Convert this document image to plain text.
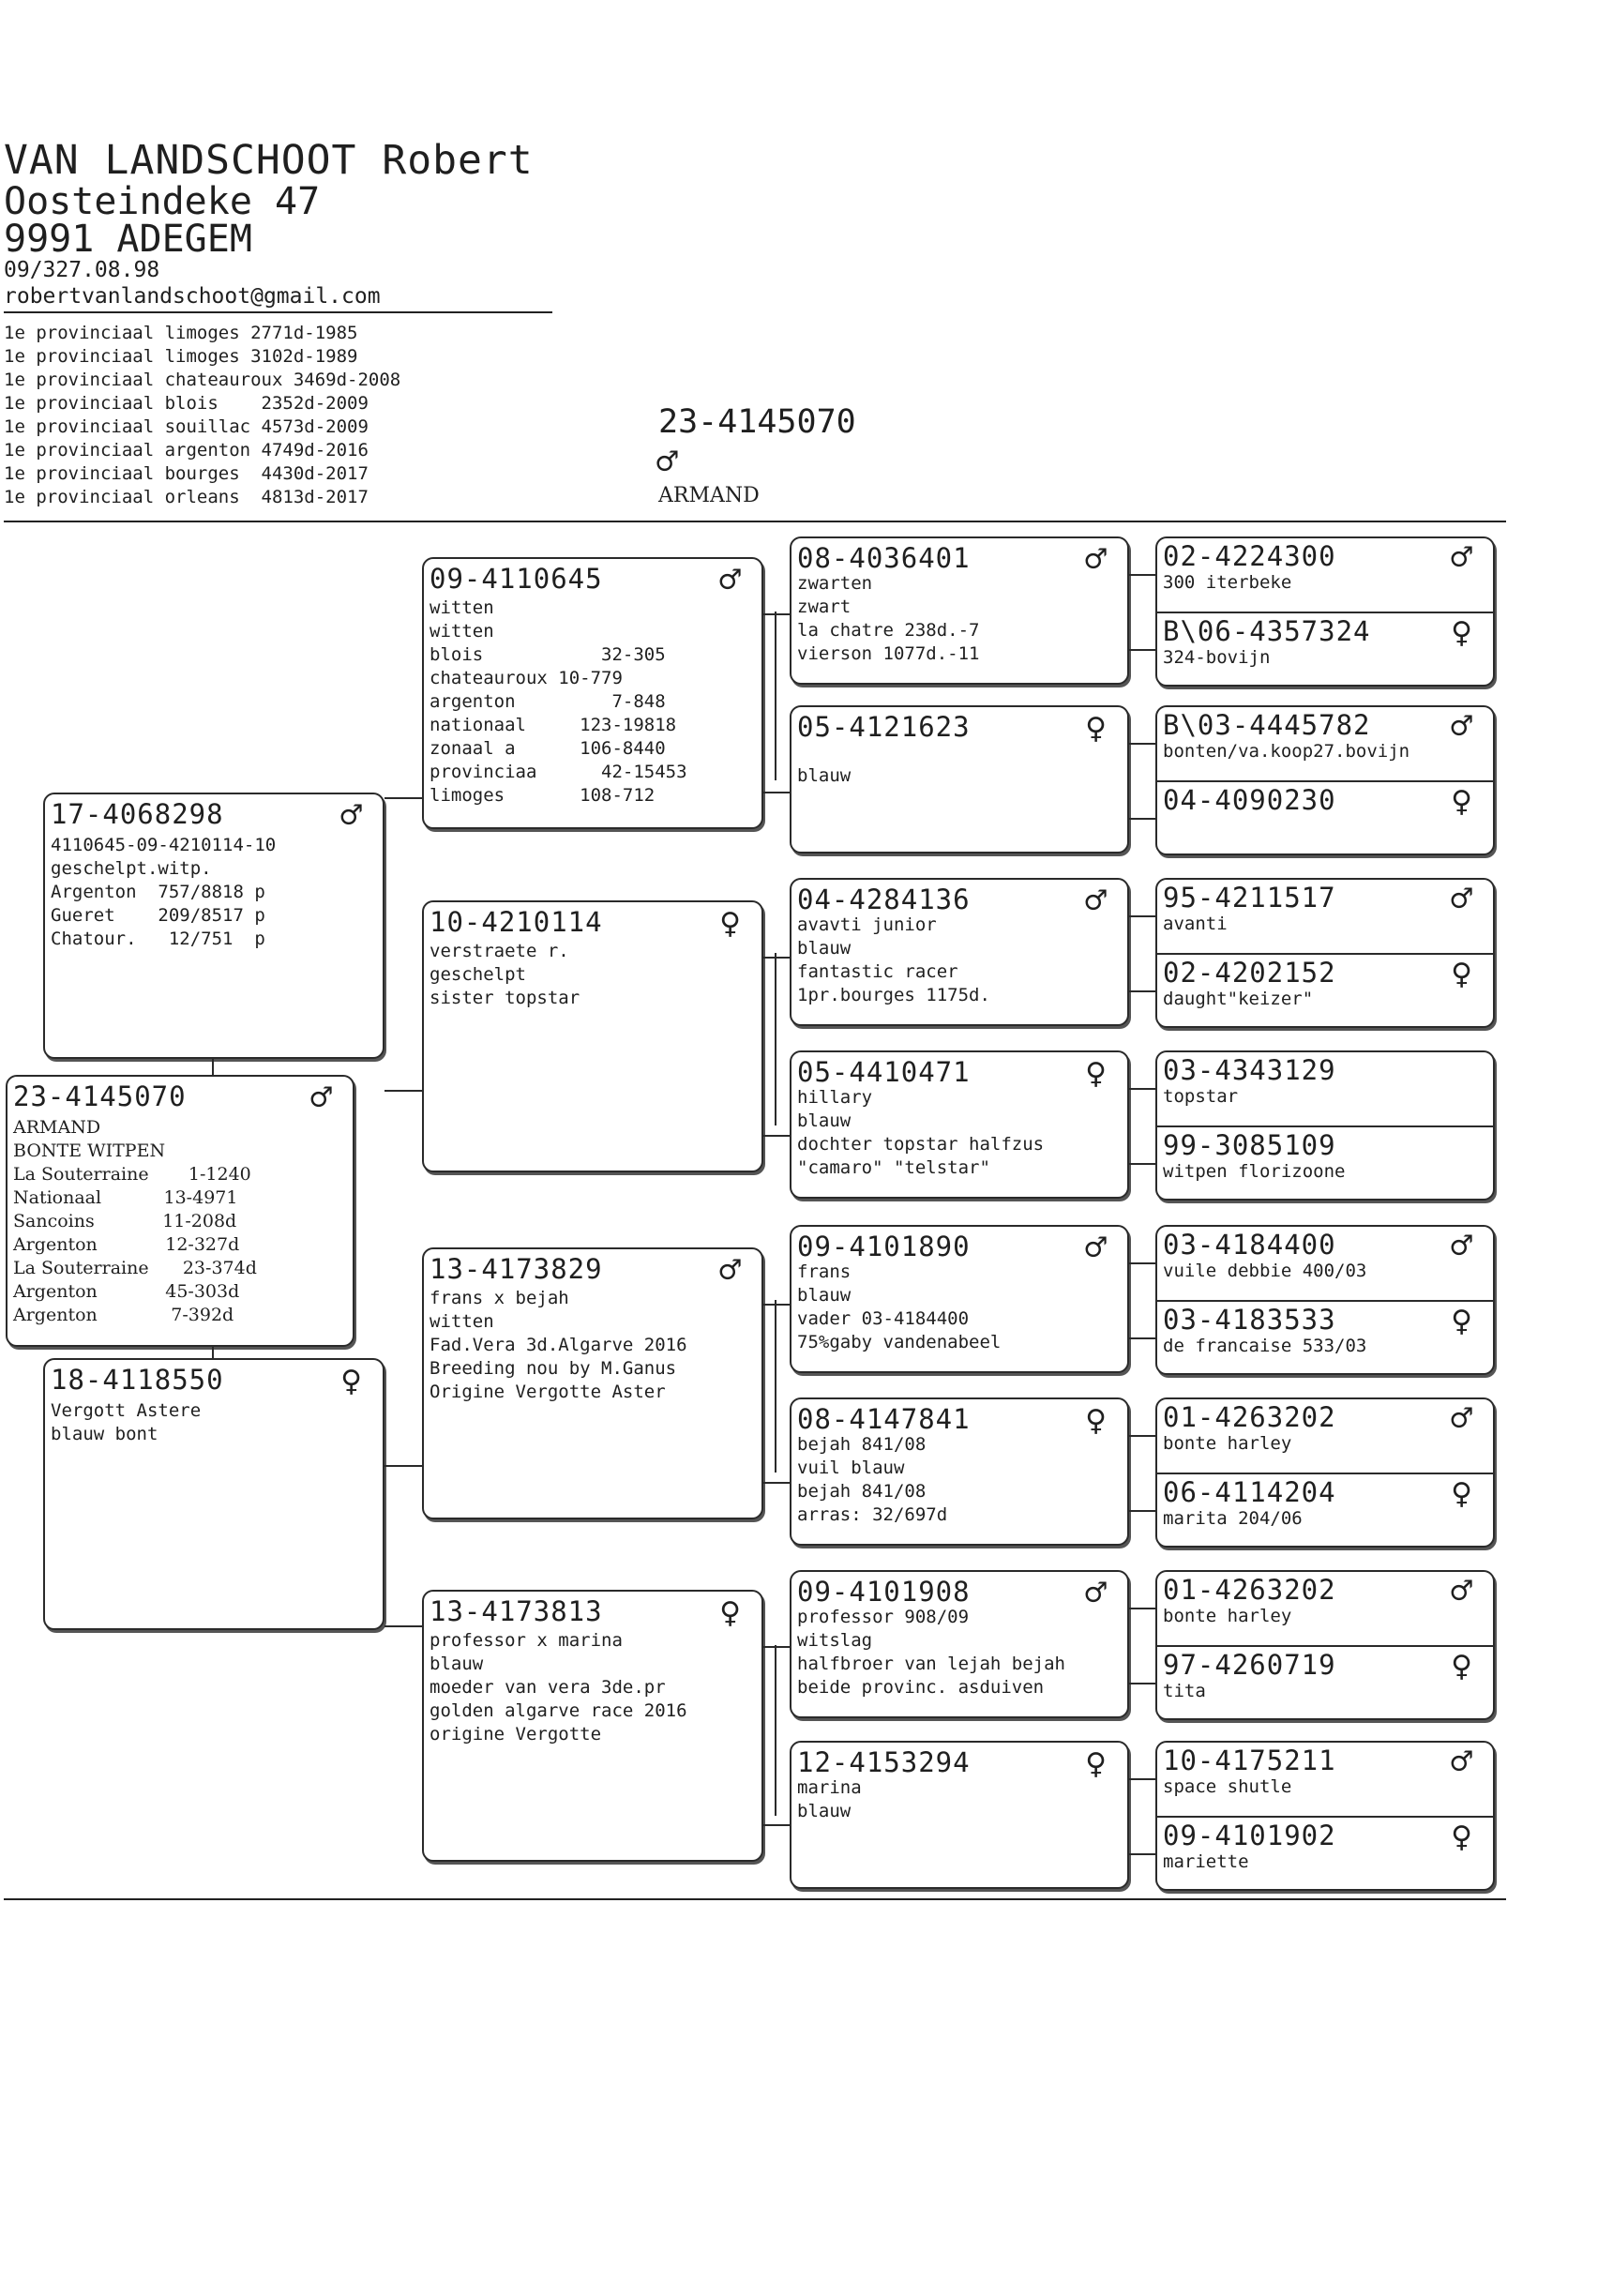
VAN LANDSCHOOT Robert
Oosteindeke 47
9991 ADEGEM
09/327.08.98
robertvanlandschoot@gmail.com
1e provinciaal limoges 2771d-1985
1e provinciaal limoges 3102d-1989
1e provinciaal chateauroux 3469d-2008
1e provinciaal blois    2352d-2009
1e provinciaal souillac 4573d-2009
1e provinciaal argenton 4749d-2016
1e provinciaal bourges  4430d-2017
1e provinciaal orleans  4813d-2017
23-4145070
♂
ARMAND
23-4145070	♂
ARMAND
BONTE WITPEN
La Souterraine       1-1240
Nationaal           13-4971
Sancoins            11-208d
Argenton            12-327d
La Souterraine      23-374d
Argenton            45-303d
Argenton             7-392d
17-4068298	♂
4110645-09-4210114-10
geschelpt.witp.
Argenton  757/8818 p
Gueret    209/8517 p
Chatour.   12/751  p
18-4118550	♀
Vergott Astere
blauw bont
09-4110645	♂
witten
witten
blois           32-305
chateauroux 10-779
argenton         7-848
nationaal     123-19818
zonaal a      106-8440
provinciaa      42-15453
limoges       108-712
10-4210114	♀
verstraete r.
geschelpt
sister topstar
13-4173829	♂
frans x bejah
witten
Fad.Vera 3d.Algarve 2016
Breeding nou by M.Ganus
Origine Vergotte Aster
13-4173813	♀
professor x marina
blauw
moeder van vera 3de.pr
golden algarve race 2016
origine Vergotte
08-4036401	♂
zwarten
zwart
la chatre 238d.-7
vierson 1077d.-11
05-4121623	♀
blauw
04-4284136	♂
avavti junior
blauw
fantastic racer
1pr.bourges 1175d.
05-4410471	♀
hillary
blauw
dochter topstar halfzus
"camaro" "telstar"
09-4101890	♂
frans
blauw
vader 03-4184400
75%gaby vandenabeel
08-4147841	♀
bejah 841/08
vuil blauw
bejah 841/08
arras: 32/697d
09-4101908	♂
professor 908/09
witslag
halfbroer van lejah bejah
beide provinc. asduiven
12-4153294	♀
marina
blauw
02-4224300	♂
300 iterbeke
B\06-4357324 ♀
324-bovijn
B\03-4445782 ♂
bonten/va.koop27.bovijn
04-4090230	♀
95-4211517	♂
avanti
02-4202152	♀
daught"keizer"
03-4343129
topstar
99-3085109
witpen florizoone
03-4184400	♂
vuile debbie 400/03
03-4183533	♀
de francaise 533/03
01-4263202	♂
bonte harley
06-4114204	♀
marita 204/06
01-4263202	♂
bonte harley
97-4260719	♀
tita
10-4175211	♂
space shutle
09-4101902	♀
mariette
